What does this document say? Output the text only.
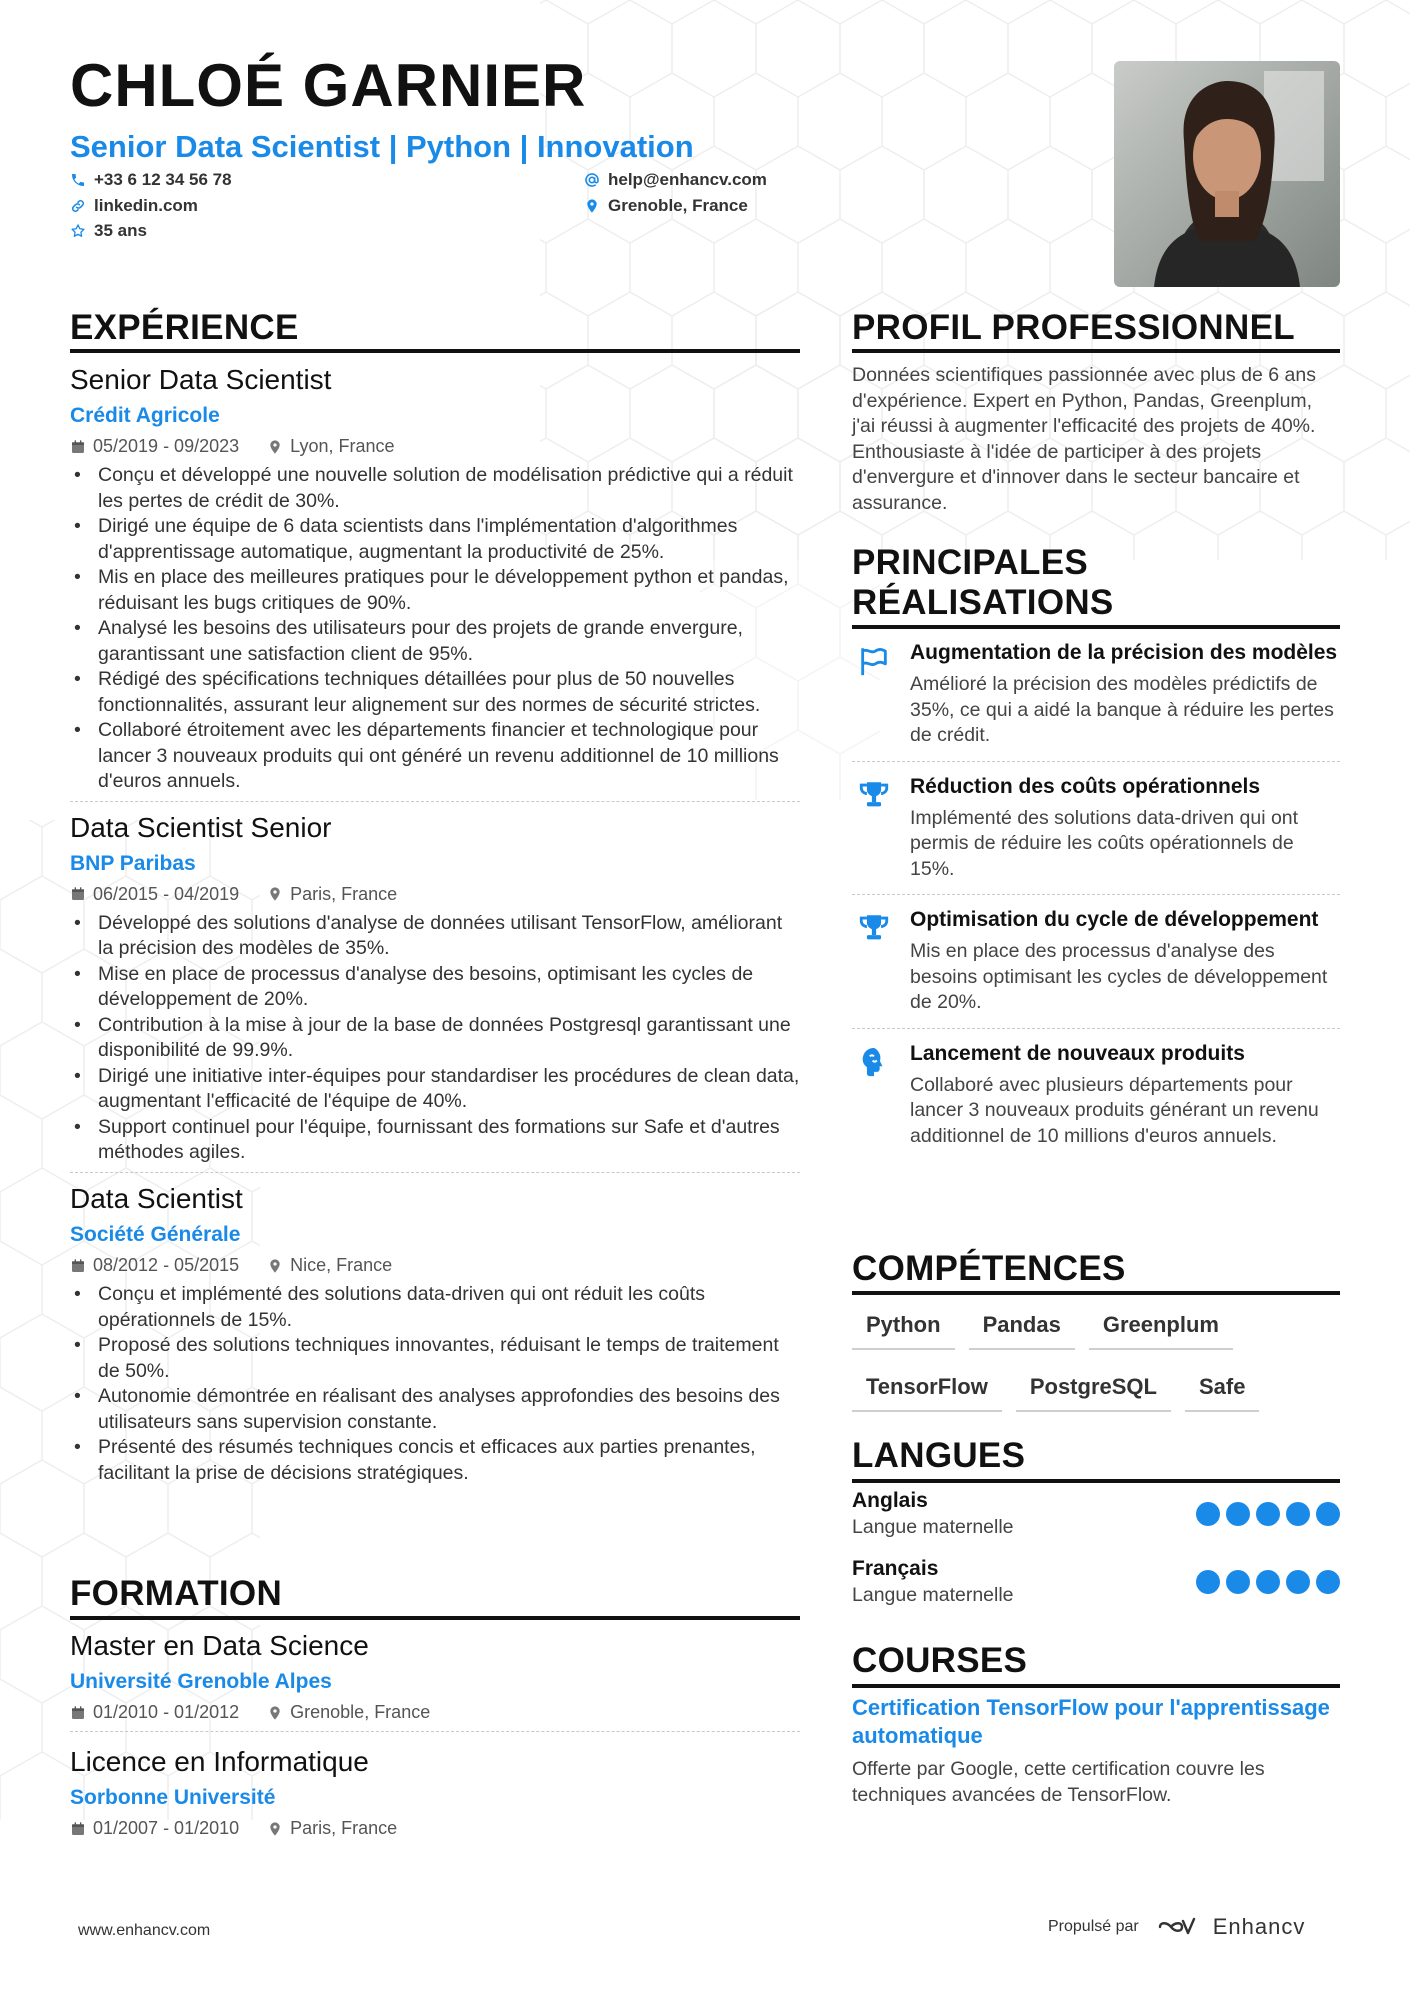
CHLOÉ GARNIER
Senior Data Scientist | Python | Innovation
+33 6 12 34 56 78	help@enhancv.com
linkedin.com	Grenoble, France
35 ans
EXPÉRIENCE
Senior Data Scientist
Crédit Agricole
05/2019 - 09/2023	Lyon, France
• Conçu et développé une nouvelle solution de modélisation prédictive qui a réduit les pertes de crédit de 30%.
• Dirigé une équipe de 6 data scientists dans l'implémentation d'algorithmes d'apprentissage automatique, augmentant la productivité de 25%.
• Mis en place des meilleures pratiques pour le développement python et pandas, réduisant les bugs critiques de 90%.
• Analysé les besoins des utilisateurs pour des projets de grande envergure, garantissant une satisfaction client de 95%.
• Rédigé des spécifications techniques détaillées pour plus de 50 nouvelles fonctionnalités, assurant leur alignement sur des normes de sécurité strictes.
• Collaboré étroitement avec les départements financier et technologique pour lancer 3 nouveaux produits qui ont généré un revenu additionnel de 10 millions d'euros annuels.
Data Scientist Senior
BNP Paribas
06/2015 - 04/2019	Paris, France
• Développé des solutions d'analyse de données utilisant TensorFlow, améliorant la précision des modèles de 35%.
• Mise en place de processus d'analyse des besoins, optimisant les cycles de développement de 20%.
• Contribution à la mise à jour de la base de données Postgresql garantissant une disponibilité de 99.9%.
• Dirigé une initiative inter-équipes pour standardiser les procédures de clean data, augmentant l'efficacité de l'équipe de 40%.
• Support continuel pour l'équipe, fournissant des formations sur Safe et d'autres méthodes agiles.
Data Scientist
Société Générale
08/2012 - 05/2015	Nice, France
• Conçu et implémenté des solutions data-driven qui ont réduit les coûts opérationnels de 15%.
• Proposé des solutions techniques innovantes, réduisant le temps de traitement de 50%.
• Autonomie démontrée en réalisant des analyses approfondies des besoins des utilisateurs sans supervision constante.
• Présenté des résumés techniques concis et efficaces aux parties prenantes, facilitant la prise de décisions stratégiques.
FORMATION
Master en Data Science
Université Grenoble Alpes
01/2010 - 01/2012	Grenoble, France
Licence en Informatique
Sorbonne Université
01/2007 - 01/2010	Paris, France
PROFIL PROFESSIONNEL
Données scientifiques passionnée avec plus de 6 ans d'expérience. Expert en Python, Pandas, Greenplum, j'ai réussi à augmenter l'efficacité des projets de 40%. Enthousiaste à l'idée de participer à des projets d'envergure et d'innover dans le secteur bancaire et assurance.
PRINCIPALES RÉALISATIONS
Augmentation de la précision des modèles
Amélioré la précision des modèles prédictifs de 35%, ce qui a aidé la banque à réduire les pertes de crédit.
Réduction des coûts opérationnels
Implémenté des solutions data-driven qui ont permis de réduire les coûts opérationnels de 15%.
Optimisation du cycle de développement
Mis en place des processus d'analyse des besoins optimisant les cycles de développement de 20%.
Lancement de nouveaux produits
Collaboré avec plusieurs départements pour lancer 3 nouveaux produits générant un revenu additionnel de 10 millions d'euros annuels.
COMPÉTENCES
Python	Pandas	Greenplum
TensorFlow	PostgreSQL	Safe
LANGUES
Anglais
Langue maternelle
Français
Langue maternelle
COURSES
Certification TensorFlow pour l'apprentissage automatique
Offerte par Google, cette certification couvre les techniques avancées de TensorFlow.
www.enhancv.com	Propulsé par	Enhancv
